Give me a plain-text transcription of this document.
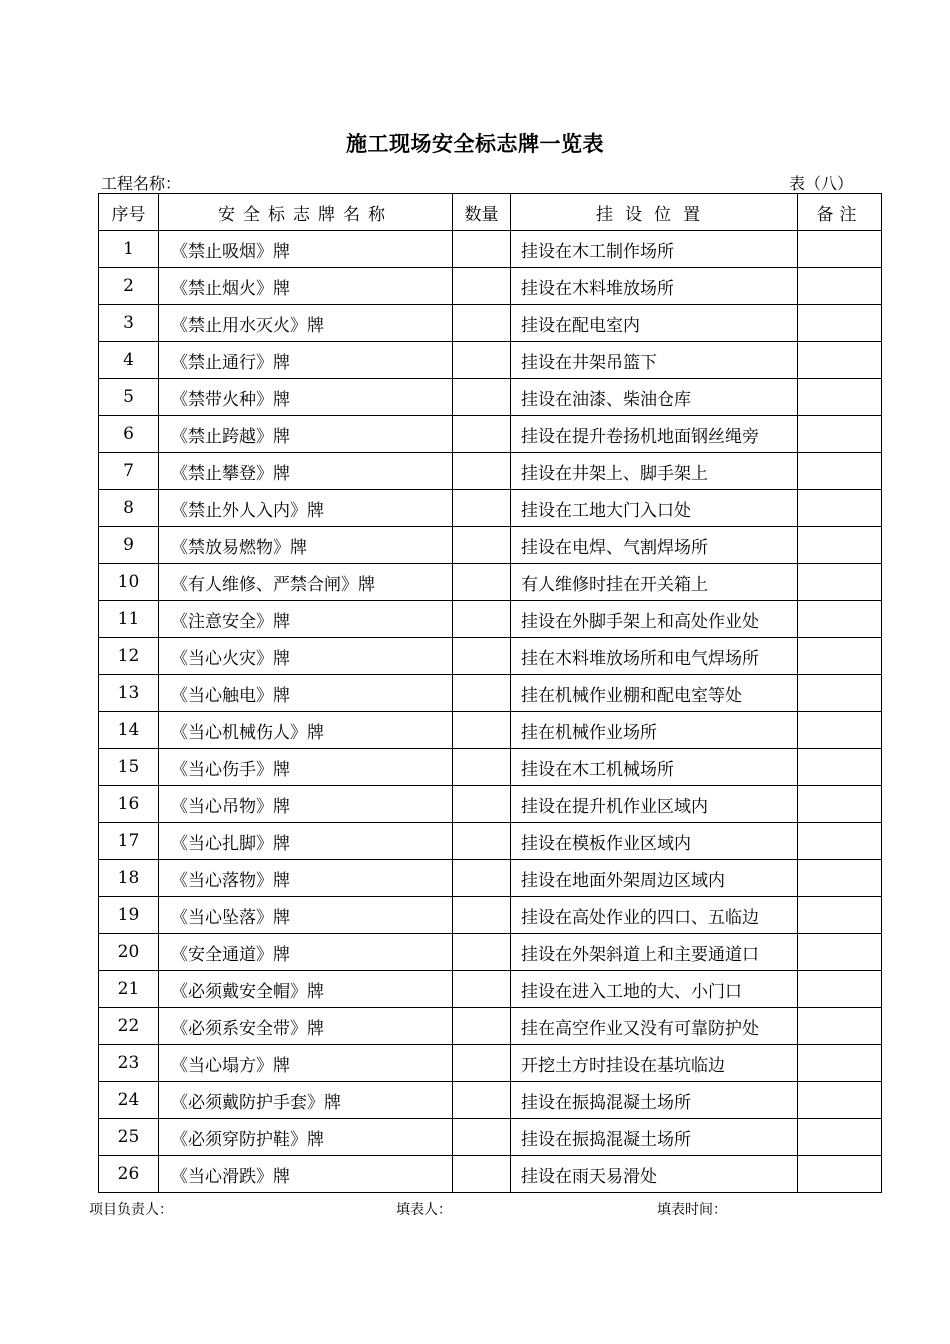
施工现场安全标志牌一览表
工程名称：	表（八）
序号	安全标志牌名称	数量	挂设位置	备注
1	《禁止吸烟》牌		挂设在木工制作场所	
2	《禁止烟火》牌		挂设在木料堆放场所	
3	《禁止用水灭火》牌		挂设在配电室内	
4	《禁止通行》牌		挂设在井架吊篮下	
5	《禁带火种》牌		挂设在油漆、柴油仓库	
6	《禁止跨越》牌		挂设在提升卷扬机地面钢丝绳旁	
7	《禁止攀登》牌		挂设在井架上、脚手架上	
8	《禁止外人入内》牌		挂设在工地大门入口处	
9	《禁放易燃物》牌		挂设在电焊、气割焊场所	
10	《有人维修、严禁合闸》牌		有人维修时挂在开关箱上	
11	《注意安全》牌		挂设在外脚手架上和高处作业处	
12	《当心火灾》牌		挂在木料堆放场所和电气焊场所	
13	《当心触电》牌		挂在机械作业棚和配电室等处	
14	《当心机械伤人》牌		挂在机械作业场所	
15	《当心伤手》牌		挂设在木工机械场所	
16	《当心吊物》牌		挂设在提升机作业区域内	
17	《当心扎脚》牌		挂设在模板作业区域内	
18	《当心落物》牌		挂设在地面外架周边区域内	
19	《当心坠落》牌		挂设在高处作业的四口、五临边	
20	《安全通道》牌		挂设在外架斜道上和主要通道口	
21	《必须戴安全帽》牌		挂设在进入工地的大、小门口	
22	《必须系安全带》牌		挂在高空作业又没有可靠防护处	
23	《当心塌方》牌		开挖土方时挂设在基坑临边	
24	《必须戴防护手套》牌		挂设在振捣混凝土场所	
25	《必须穿防护鞋》牌		挂设在振捣混凝土场所	
26	《当心滑跌》牌		挂设在雨天易滑处	
项目负责人：	填表人：	填表时间：
